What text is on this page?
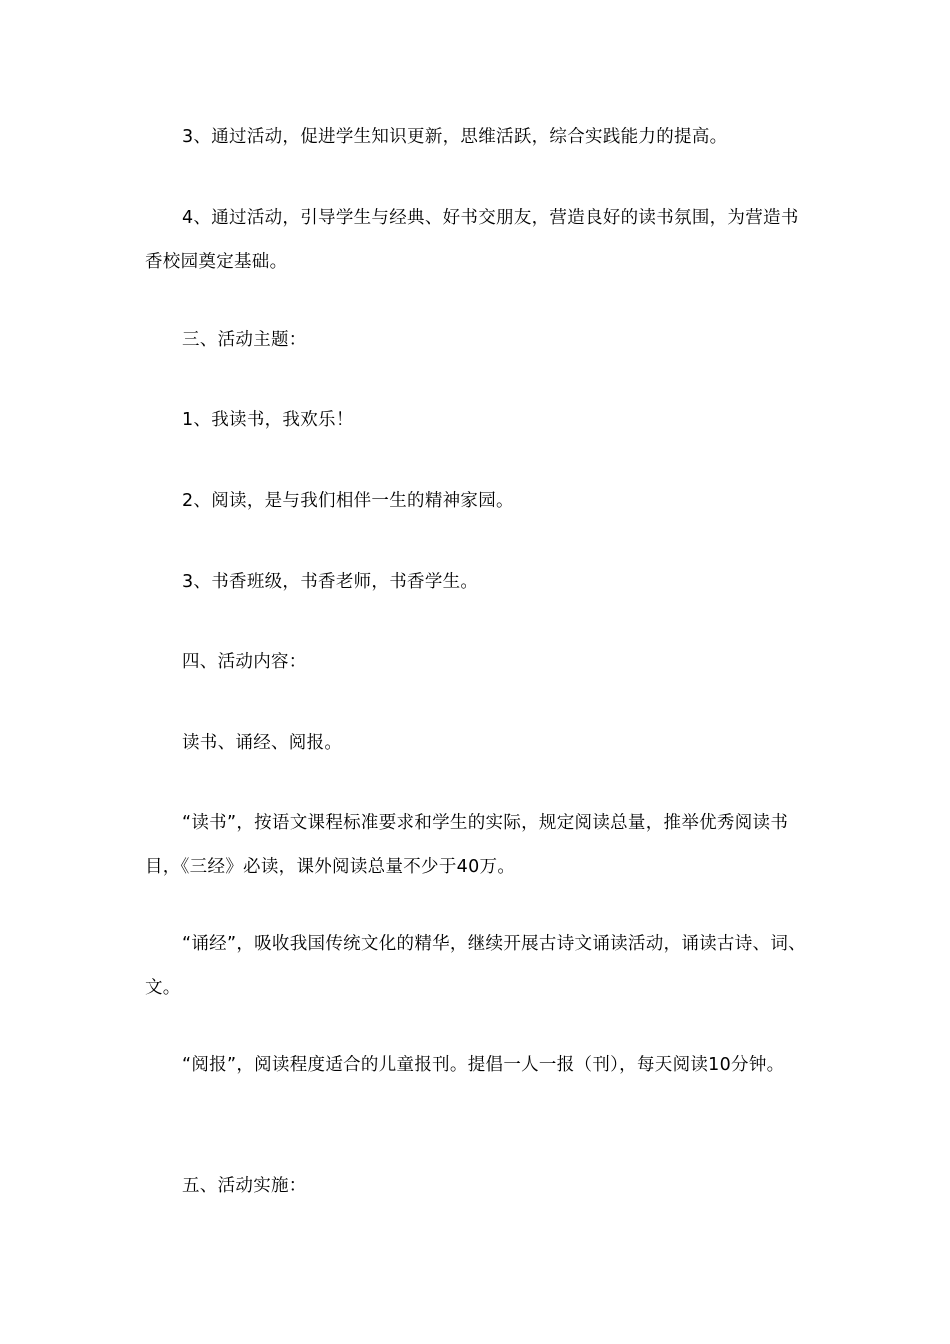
3、通过活动，促进学生知识更新，思维活跃，综合实践能力的提高。

4、通过活动，引导学生与经典、好书交朋友，营造良好的读书氛围，为营造书香校园奠定基础。

三、活动主题：

1、我读书，我欢乐！

2、阅读，是与我们相伴一生的精神家园。

3、书香班级，书香老师，书香学生。

四、活动内容：

读书、诵经、阅报。

“读书”，按语文课程标准要求和学生的实际，规定阅读总量，推举优秀阅读书目，《三经》必读，课外阅读总量不少于40万。

“诵经”，吸收我国传统文化的精华，继续开展古诗文诵读活动，诵读古诗、词、文。

“阅报”，阅读程度适合的儿童报刊。提倡一人一报（刊），每天阅读10分钟。

五、活动实施：
